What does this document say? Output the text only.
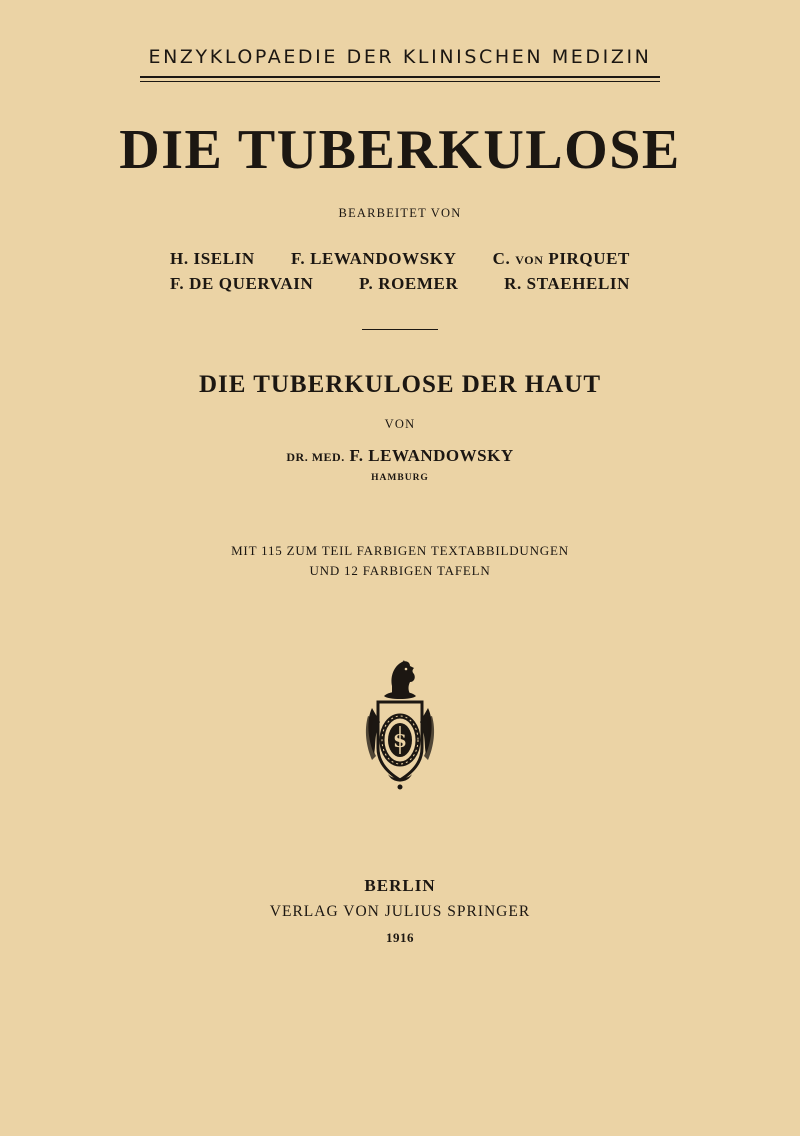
ENZYKLOPAEDIE DER KLINISCHEN MEDIZIN
DIE TUBERKULOSE
BEARBEITET VON
H. ISELIN F. LEWANDOWSKY C. VON PIRQUET
F. DE QUERVAIN	P. ROEMER	R. STAEHELIN
DIE TUBERKULOSE DER HAUT
VON
DR. MED. F. LEWANDOWSKY
HAMBURG
MIT 115 ZUM TEIL FARBIGEN TEXTABBILDUNGEN
UND 12 FARBIGEN TAFELN
S
BERLIN
VERLAG VON JULIUS SPRINGER
1916
